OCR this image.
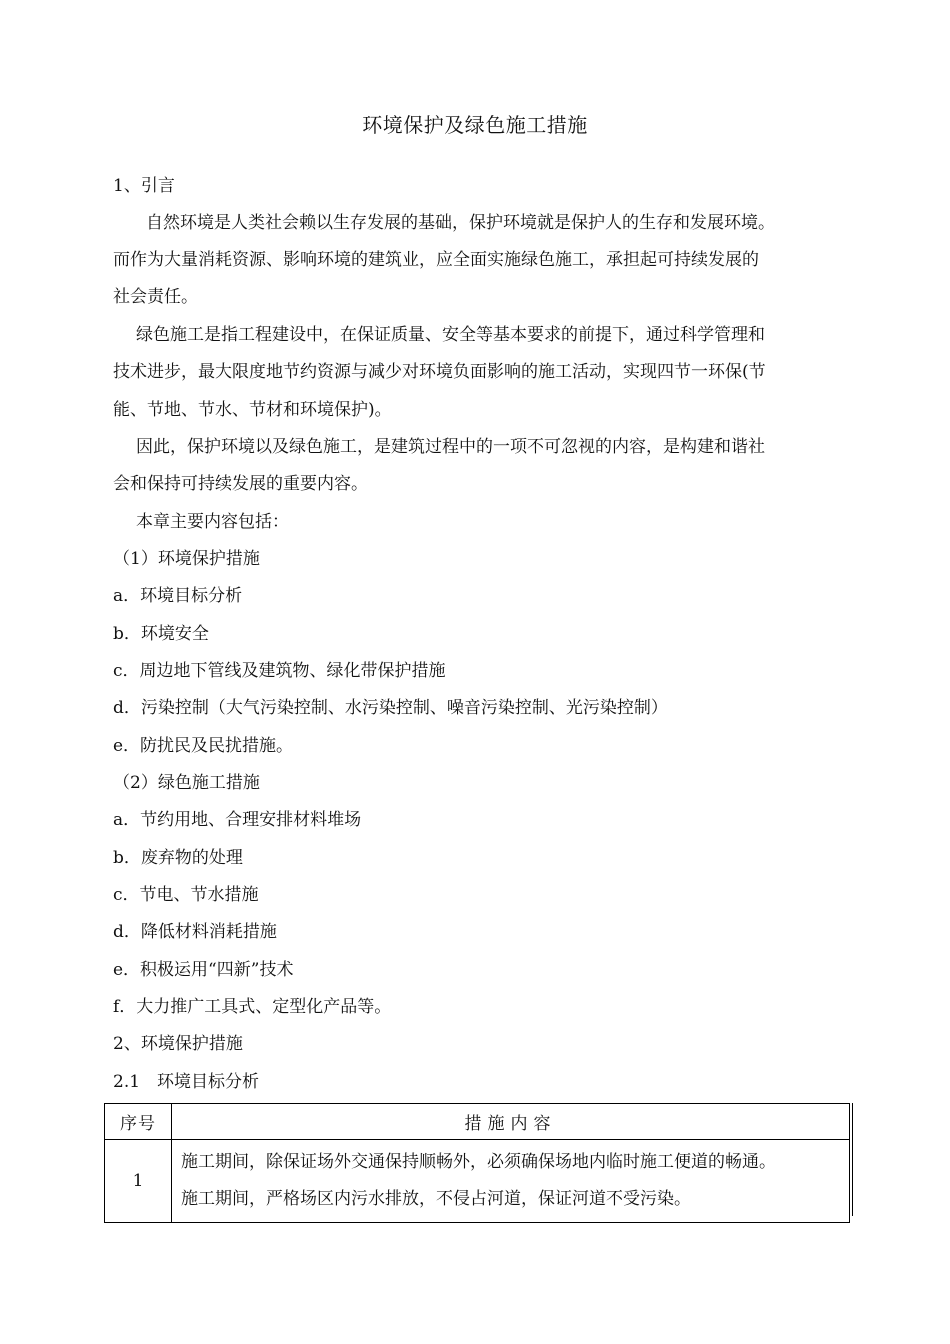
环境保护及绿色施工措施
1、引言
自然环境是人类社会赖以生存发展的基础，保护环境就是保护人的生存和发展环境。
而作为大量消耗资源、影响环境的建筑业，应全面实施绿色施工，承担起可持续发展的
社会责任。
绿色施工是指工程建设中，在保证质量、安全等基本要求的前提下，通过科学管理和
技术进步，最大限度地节约资源与减少对环境负面影响的施工活动，实现四节一环保(节
能、节地、节水、节材和环境保护)。
因此，保护环境以及绿色施工，是建筑过程中的一项不可忽视的内容，是构建和谐社
会和保持可持续发展的重要内容。
本章主要内容包括：
（1）环境保护措施
a．环境目标分析
b．环境安全
c．周边地下管线及建筑物、绿化带保护措施
d．污染控制（大气污染控制、水污染控制、噪音污染控制、光污染控制）
e．防扰民及民扰措施。
（2）绿色施工措施
a．节约用地、合理安排材料堆场
b．废弃物的处理
c．节电、节水措施
d．降低材料消耗措施
e．积极运用“四新”技术
f．大力推广工具式、定型化产品等。
2、环境保护措施
2.1　环境目标分析
序号	措施内容
1	施工期间，除保证场外交通保持顺畅外，必须确保场地内临时施工便道的畅通。
施工期间，严格场区内污水排放，不侵占河道，保证河道不受污染。
